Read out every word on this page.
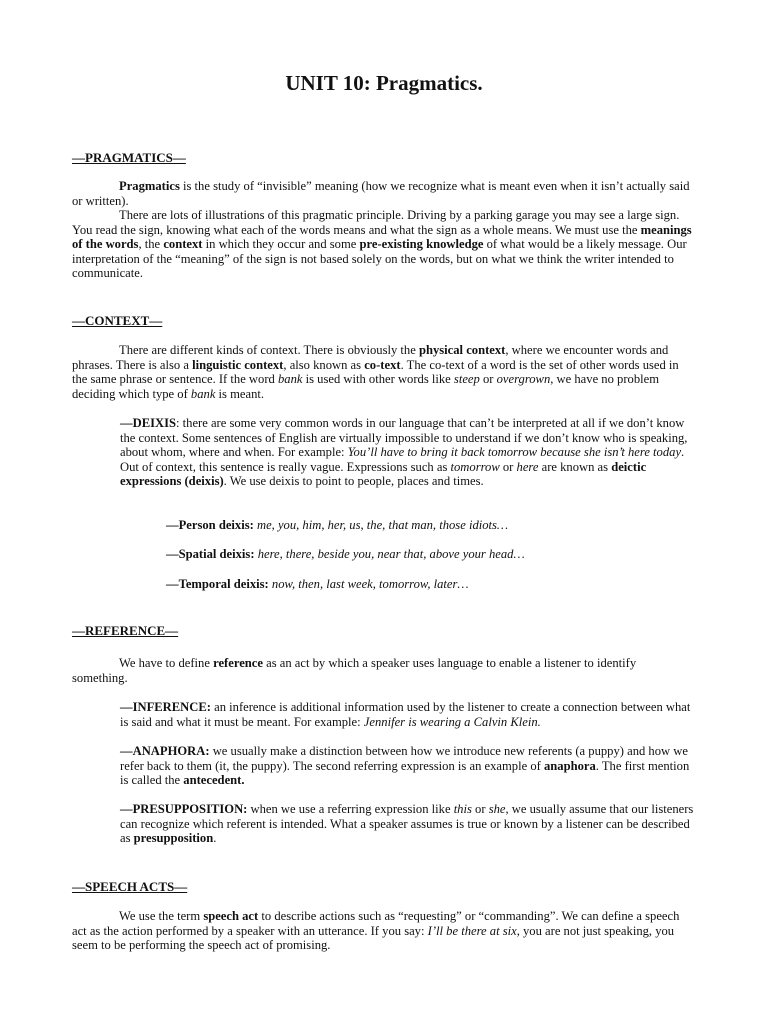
UNIT 10: Pragmatics.
—PRAGMATICS—

Pragmatics is the study of “invisible” meaning (how we recognize what is meant even when it isn’t actually said or written).

There are lots of illustrations of this pragmatic principle. Driving by a parking garage you may see a large sign. You read the sign, knowing what each of the words means and what the sign as a whole means. We must use the meanings of the words, the context in which they occur and some pre-existing knowledge of what would be a likely message. Our interpretation of the “meaning” of the sign is not based solely on the words, but on what we think the writer intended to communicate.

—CONTEXT—

There are different kinds of context. There is obviously the physical context, where we encounter words and phrases. There is also a linguistic context, also known as co-text. The co-text of a word is the set of other words used in the same phrase or sentence. If the word bank is used with other words like steep or overgrown, we have no problem deciding which type of bank is meant.

—DEIXIS: there are some very common words in our language that can’t be interpreted at all if we don’t know the context. Some sentences of English are virtually impossible to understand if we don’t know who is speaking, about whom, where and when. For example: You’ll have to bring it back tomorrow because she isn’t here today. Out of context, this sentence is really vague. Expressions such as tomorrow or here are known as deictic expressions (deixis). We use deixis to point to people, places and times.

—Person deixis: me, you, him, her, us, the, that man, those idiots…

—Spatial deixis: here, there, beside you, near that, above your head…

—Temporal deixis: now, then, last week, tomorrow, later…

—REFERENCE—

We have to define reference as an act by which a speaker uses language to enable a listener to identify something.

—INFERENCE: an inference is additional information used by the listener to create a connection between what is said and what it must be meant. For example: Jennifer is wearing a Calvin Klein.

—ANAPHORA: we usually make a distinction between how we introduce new referents (a puppy) and how we refer back to them (it, the puppy). The second referring expression is an example of anaphora. The first mention is called the antecedent.

—PRESUPPOSITION: when we use a referring expression like this or she, we usually assume that our listeners can recognize which referent is intended. What a speaker assumes is true or known by a listener can be described as presupposition.

—SPEECH ACTS—

We use the term speech act to describe actions such as “requesting” or “commanding”. We can define a speech act as the action performed by a speaker with an utterance. If you say: I’ll be there at six, you are not just speaking, you seem to be performing the speech act of promising.
